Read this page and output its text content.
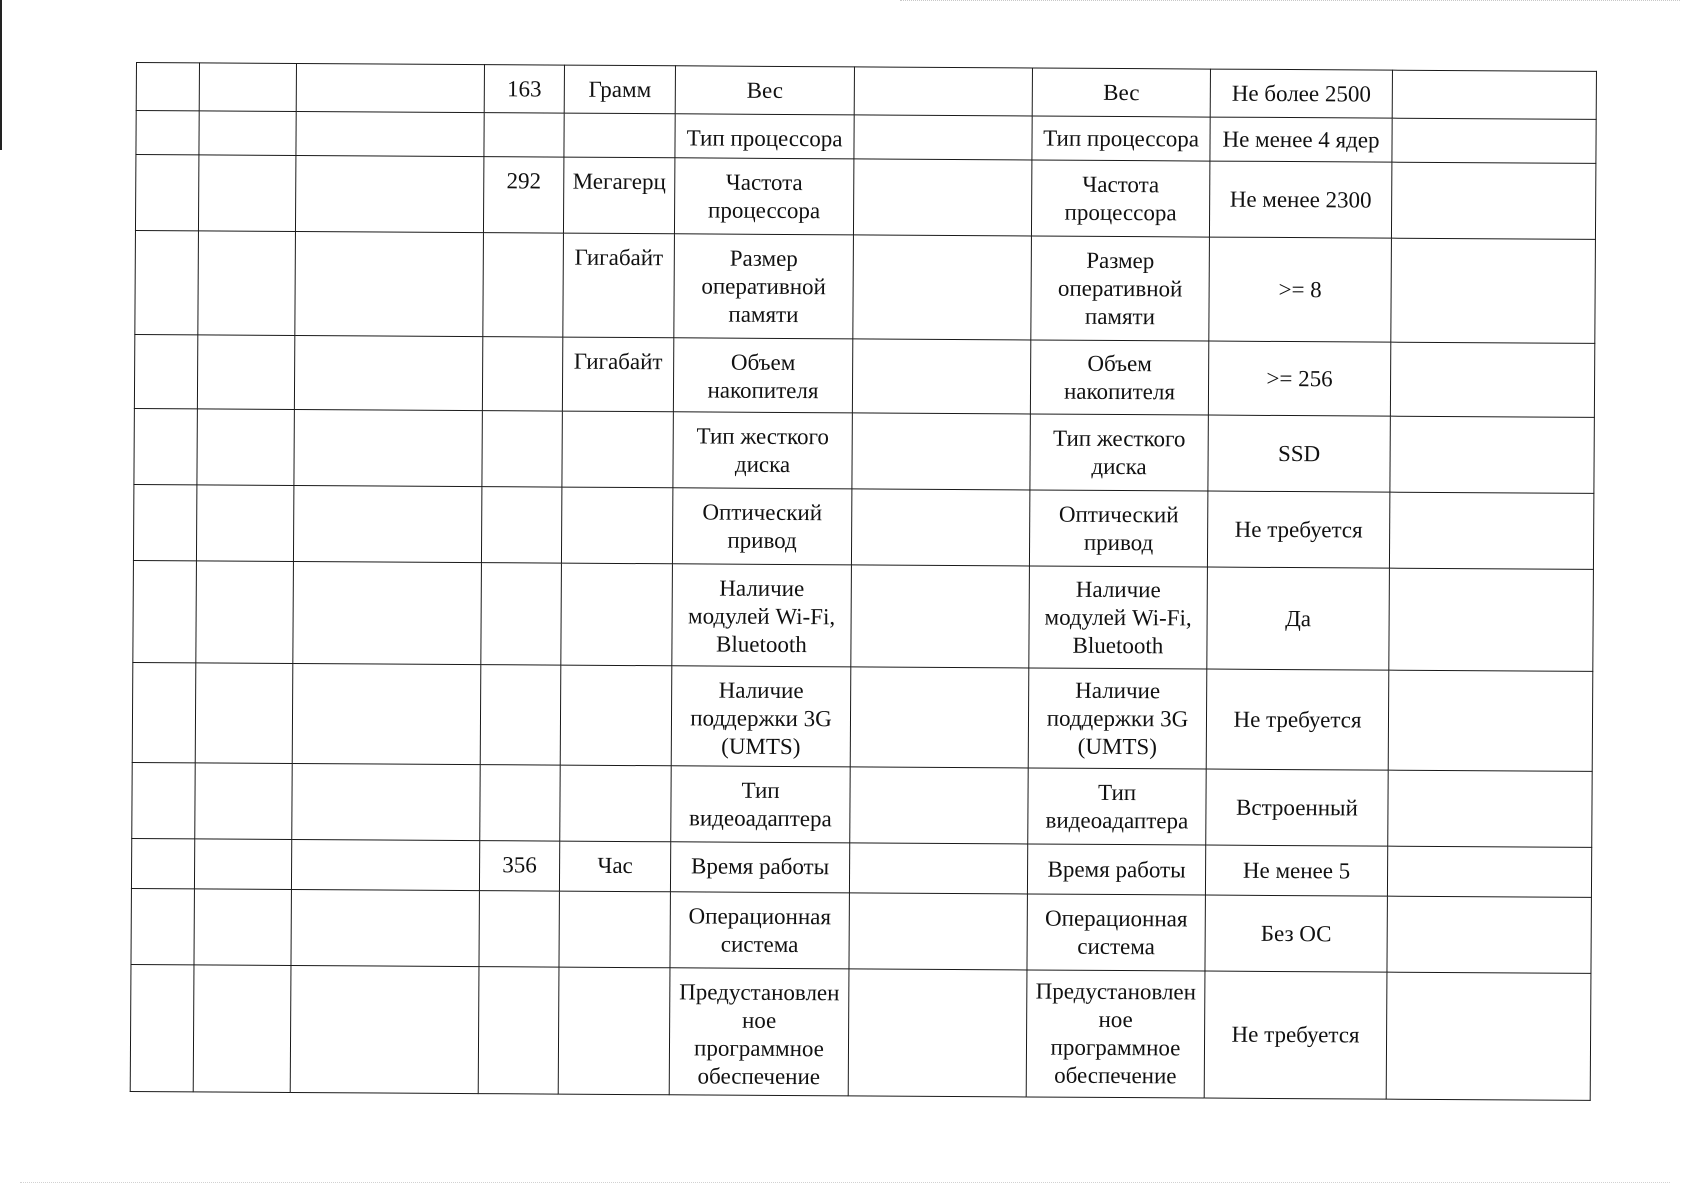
			163	Грамм	Вес		Вес	Не более 2500	
					Тип процессора		Тип процессора	Не менее 4 ядер	
			292	Мегагерц	Частота процессора		Частота процессора	Не менее 2300	
				Гигабайт	Размер оперативной памяти		Размер оперативной памяти	>= 8	
				Гигабайт	Объем накопителя		Объем накопителя	>= 256	
					Тип жесткого диска		Тип жесткого диска	SSD	
					Оптический привод		Оптический привод	Не требуется	
					Наличие модулей Wi-Fi, Bluetooth		Наличие модулей Wi-Fi, Bluetooth	Да	
					Наличие поддержки 3G (UMTS)		Наличие поддержки 3G (UMTS)	Не требуется	
					Тип видеоадаптера		Тип видеоадаптера	Встроенный	
			356	Час	Время работы		Время работы	Не менее 5	
					Операционная система		Операционная система	Без ОС	
					Предустановленное программное обеспечение		Предустановленное программное обеспечение	Не требуется	
